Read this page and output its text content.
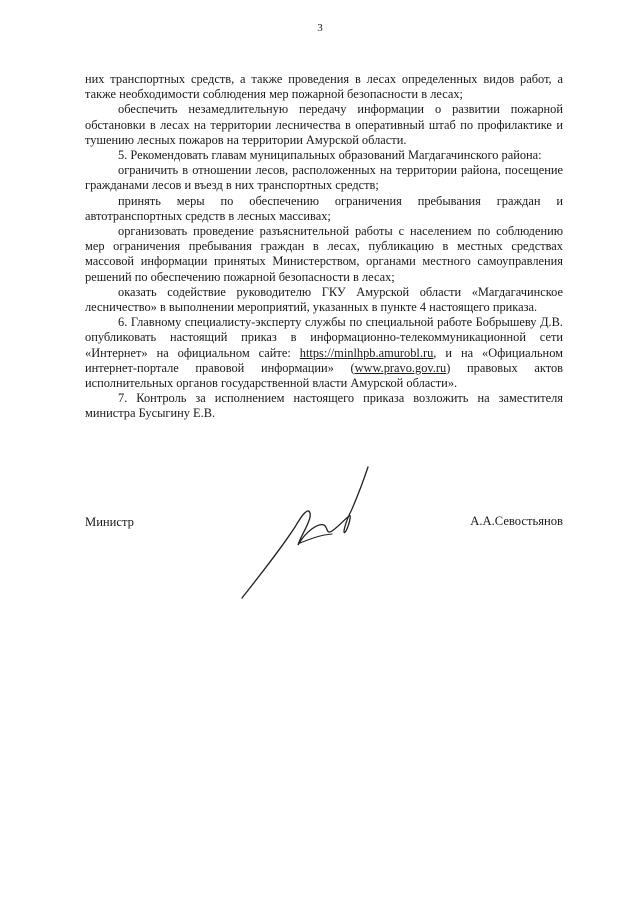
3

них транспортных средств, а также проведения в лесах определенных видов работ, а также необходимости соблюдения мер пожарной безопасности в лесах;

обеспечить незамедлительную передачу информации о развитии пожарной обстановки в лесах на территории лесничества в оперативный штаб по профилактике и тушению лесных пожаров на территории Амурской области.

5. Рекомендовать главам муниципальных образований Магдагачинского района:

ограничить в отношении лесов, расположенных на территории района, посещение гражданами лесов и въезд в них транспортных средств;

принять меры по обеспечению ограничения пребывания граждан и автотранспортных средств в лесных массивах;

организовать проведение разъяснительной работы с населением по соблюдению мер ограничения пребывания граждан в лесах, публикацию в местных средствах массовой информации принятых Министерством, органами местного самоуправления решений по обеспечению пожарной безопасности в лесах;

оказать содействие руководителю ГКУ Амурской области «Магдагачинское лесничество» в выполнении мероприятий, указанных в пункте 4 настоящего приказа.

6. Главному специалисту-эксперту службы по специальной работе Бобрышеву Д.В. опубликовать настоящий приказ в информационно-телекоммуникационной сети «Интернет» на официальном сайте: https://minlhpb.amurobl.ru, и на «Официальном интернет-портале правовой информации» (www.pravo.gov.ru) правовых актов исполнительных органов государственной власти Амурской области».

7. Контроль за исполнением настоящего приказа возложить на заместителя министра Бусыгину Е.В.

Министр	А.А.Севостьянов
